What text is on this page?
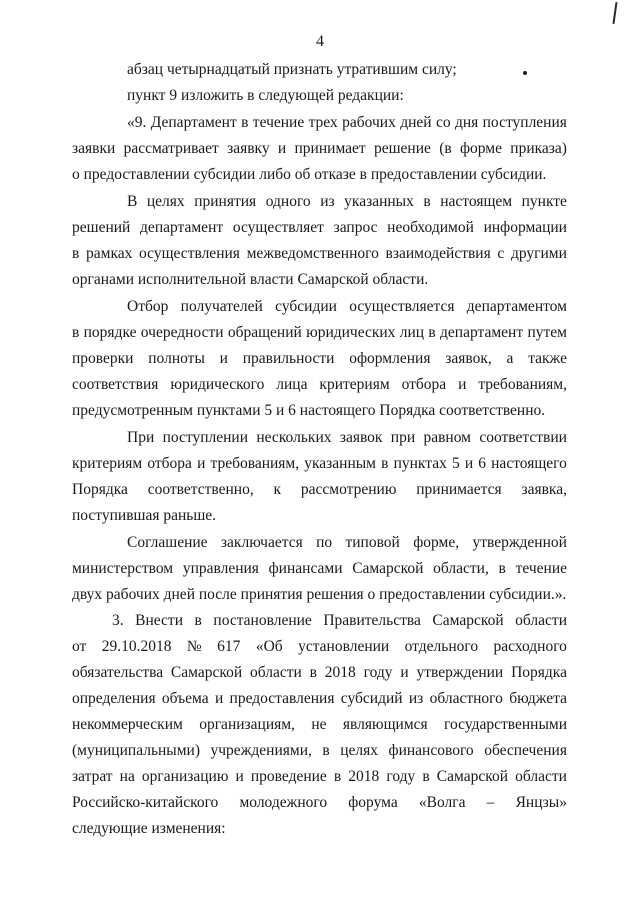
4
абзац четырнадцатый признать утратившим силу;
пункт 9 изложить в следующей редакции:
«9. Департамент в течение трех рабочих дней со дня поступления
заявки рассматривает заявку и принимает решение (в форме приказа)
о предоставлении субсидии либо об отказе в предоставлении субсидии.
В целях принятия одного из указанных в настоящем пункте
решений департамент осуществляет запрос необходимой информации
в рамках осуществления межведомственного взаимодействия с другими
органами исполнительной власти Самарской области.
Отбор получателей субсидии осуществляется департаментом
в порядке очередности обращений юридических лиц в департамент путем
проверки полноты и правильности оформления заявок, а также
соответствия юридического лица критериям отбора и требованиям,
предусмотренным пунктами 5 и 6 настоящего Порядка соответственно.
При поступлении нескольких заявок при равном соответствии
критериям отбора и требованиям, указанным в пунктах 5 и 6 настоящего
Порядка соответственно, к рассмотрению принимается заявка,
поступившая раньше.
Соглашение заключается по типовой форме, утвержденной
министерством управления финансами Самарской области, в течение
двух рабочих дней после принятия решения о предоставлении субсидии.».
3. Внести в постановление Правительства Самарской области
от 29.10.2018 № 617 «Об установлении отдельного расходного
обязательства Самарской области в 2018 году и утверждении Порядка
определения объема и предоставления субсидий из областного бюджета
некоммерческим организациям, не являющимся государственными
(муниципальными) учреждениями, в целях финансового обеспечения
затрат на организацию и проведение в 2018 году в Самарской области
Российско-китайского молодежного форума «Волга – Янцзы»
следующие изменения:
